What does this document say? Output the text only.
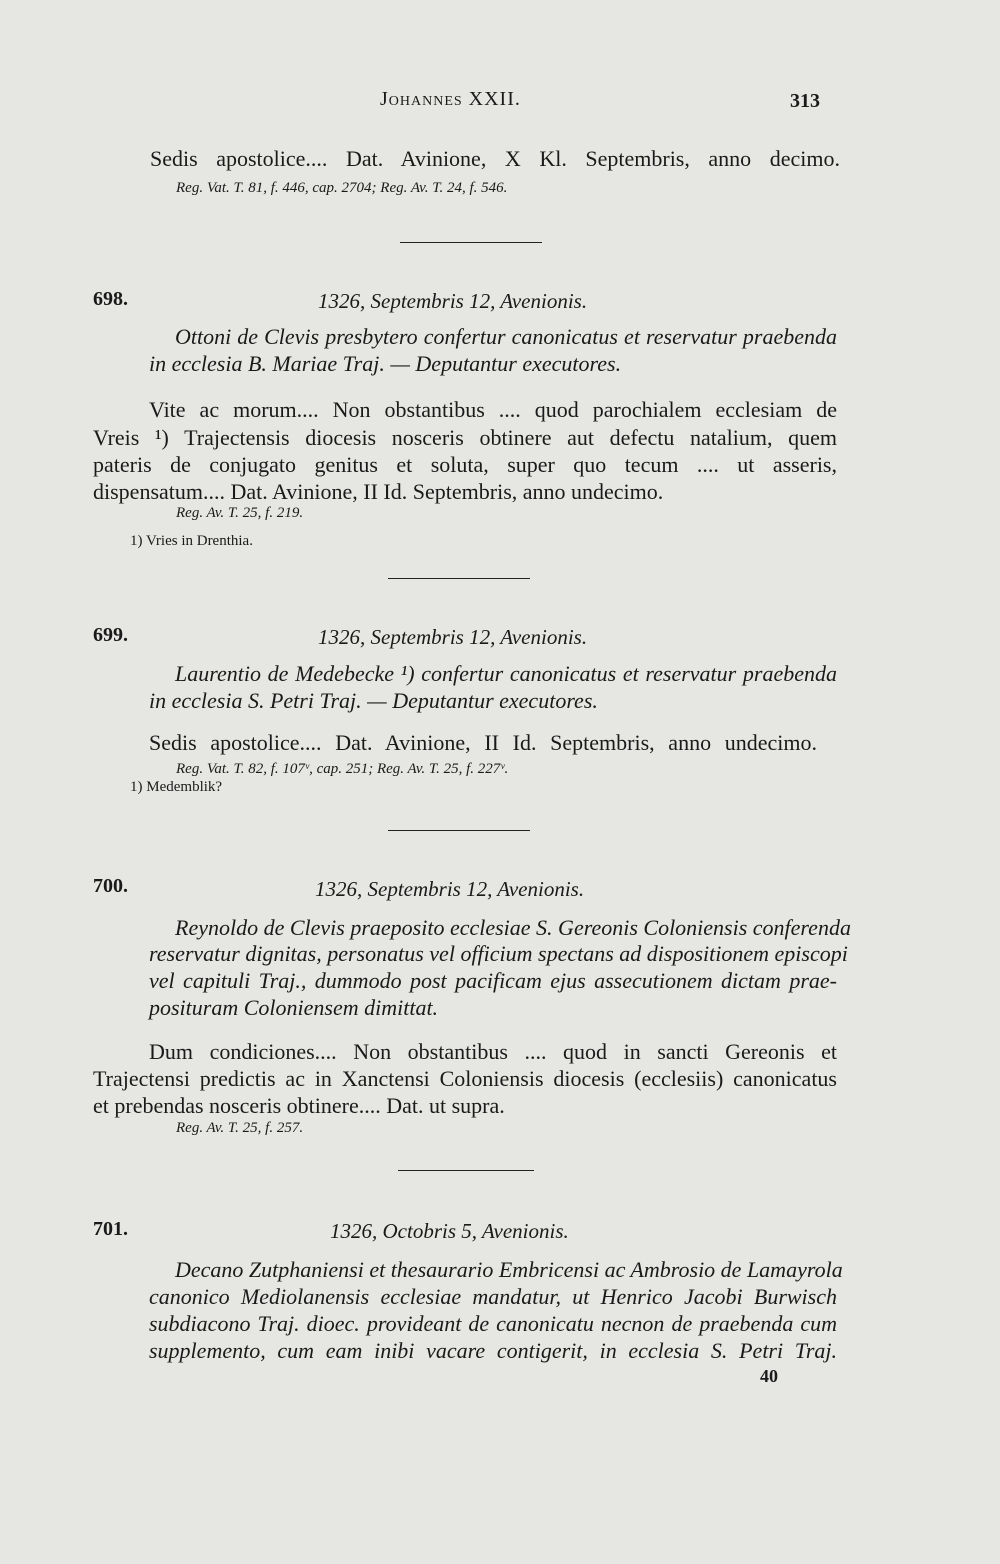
Johannes XXII.	313
Sedis apostolice.... Dat. Avinione, X Kl. Septembris, anno decimo.
Reg. Vat. T. 81, f. 446, cap. 2704; Reg. Av. T. 24, f. 546.
698.	1326, Septembris 12, Avenionis.
Ottoni de Clevis presbytero confertur canonicatus et reservatur praebenda
in ecclesia B. Mariae Traj. — Deputantur executores.
Vite ac morum.... Non obstantibus .... quod parochialem ecclesiam de
Vreis ¹) Trajectensis diocesis nosceris obtinere aut defectu natalium, quem
pateris de conjugato genitus et soluta, super quo tecum .... ut asseris,
dispensatum.... Dat. Avinione, II Id. Septembris, anno undecimo.
Reg. Av. T. 25, f. 219.
1) Vries in Drenthia.
699.	1326, Septembris 12, Avenionis.
Laurentio de Medebecke ¹) confertur canonicatus et reservatur praebenda
in ecclesia S. Petri Traj. — Deputantur executores.
Sedis apostolice.... Dat. Avinione, II Id. Septembris, anno undecimo.
Reg. Vat. T. 82, f. 107ᵛ, cap. 251; Reg. Av. T. 25, f. 227ᵛ.
1) Medemblik?
700.	1326, Septembris 12, Avenionis.
Reynoldo de Clevis praeposito ecclesiae S. Gereonis Coloniensis conferenda
reservatur dignitas, personatus vel officium spectans ad dispositionem episcopi
vel capituli Traj., dummodo post pacificam ejus assecutionem dictam prae-
posituram Coloniensem dimittat.
Dum condiciones.... Non obstantibus .... quod in sancti Gereonis et
Trajectensi predictis ac in Xanctensi Coloniensis diocesis (ecclesiis) canonicatus
et prebendas nosceris obtinere.... Dat. ut supra.
Reg. Av. T. 25, f. 257.
701.	1326, Octobris 5, Avenionis.
Decano Zutphaniensi et thesaurario Embricensi ac Ambrosio de Lamayrola
canonico Mediolanensis ecclesiae mandatur, ut Henrico Jacobi Burwisch
subdiacono Traj. dioec. provideant de canonicatu necnon de praebenda cum
supplemento, cum eam inibi vacare contigerit, in ecclesia S. Petri Traj.
40
